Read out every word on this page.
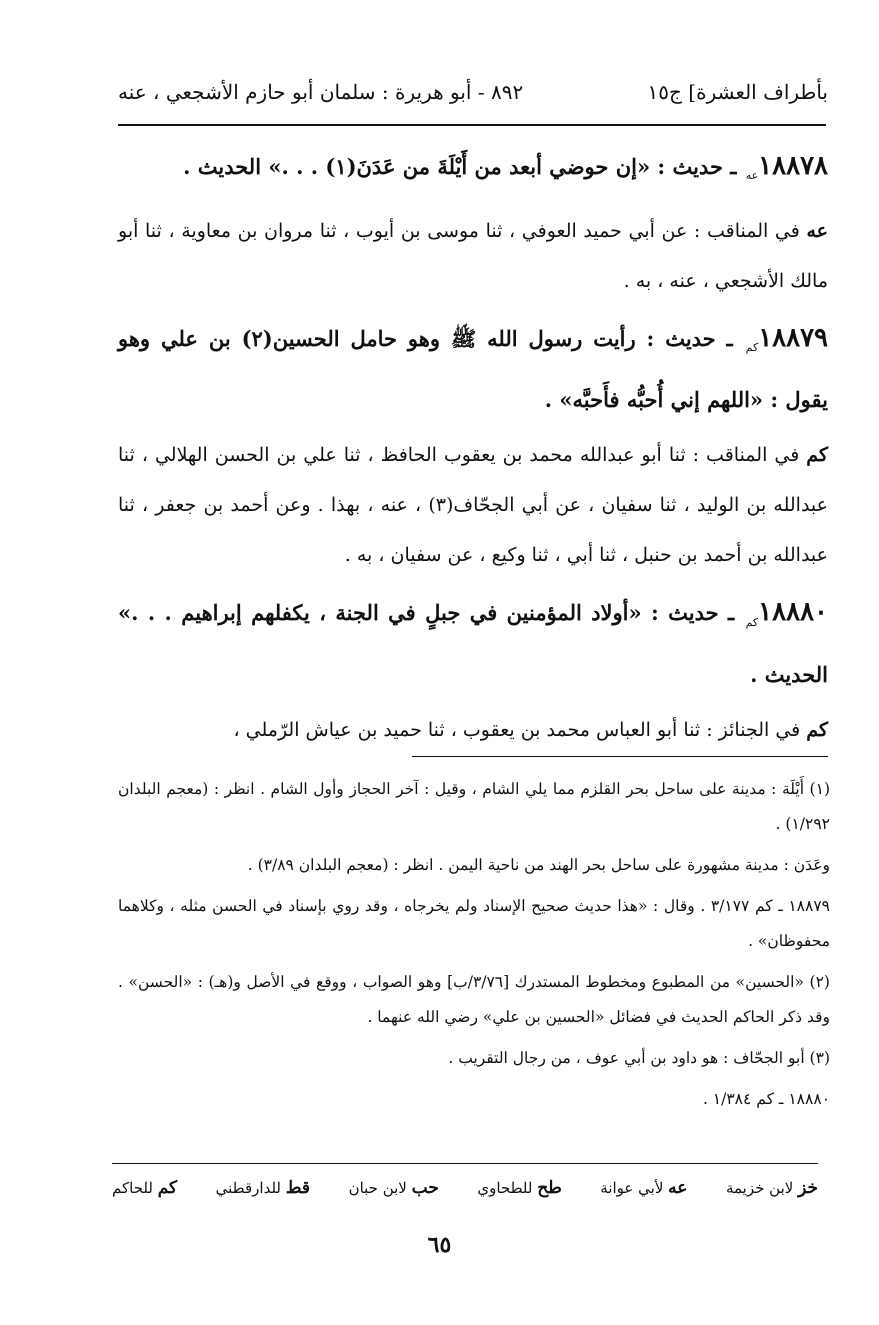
بأطراف العشرة] ج١٥
٨٩٢ - أبو هريرة : سلمان أبو حازم الأشجعي ، عنه
١٨٨٧٨عه ـ حديث : «إن حوضي أبعد من أَيْلَةَ من عَدَنَ(١) . . .» الحديث .
عه في المناقب : عن أبي حميد العوفي ، ثنا موسى بن أيوب ، ثنا مروان بن معاوية ، ثنا أبو مالك الأشجعي ، عنه ، به .
١٨٨٧٩كم ـ حديث : رأيت رسول الله ﷺ وهو حامل الحسين(٢) بن علي وهو يقول : «اللهم إني أُحبُّه فأَحبَّه» .
كم في المناقب : ثنا أبو عبدالله محمد بن يعقوب الحافظ ، ثنا علي بن الحسن الهلالي ، ثنا عبدالله بن الوليد ، ثنا سفيان ، عن أبي الجحّاف(٣) ، عنه ، بهذا . وعن أحمد بن جعفر ، ثنا عبدالله بن أحمد بن حنبل ، ثنا أبي ، ثنا وكيع ، عن سفيان ، به .
١٨٨٨٠كم ـ حديث : «أولاد المؤمنين في جبلٍ في الجنة ، يكفلهم إبراهيم . . .» الحديث .
كم في الجنائز : ثنا أبو العباس محمد بن يعقوب ، ثنا حميد بن عياش الرّملي ،

(١) أَيْلَة : مدينة على ساحل بحر القلزم مما يلي الشام ، وقيل : آخر الحجاز وأول الشام . انظر : (معجم البلدان ١/٢٩٢) .

وعَدَن : مدينة مشهورة على ساحل بحر الهند من ناحية اليمن . انظر : (معجم البلدان ٣/٨٩) .

١٨٨٧٩ ـ كم ٣/١٧٧ . وقال : «هذا حديث صحيح الإسناد ولم يخرجاه ، وقد روي بإسناد في الحسن مثله ، وكلاهما محفوظان» .

(٢) «الحسين» من المطبوع ومخطوط المستدرك [٣/٧٦/ب] وهو الصواب ، ووقع في الأصل و(هـ) : «الحسن» . وقد ذكر الحاكم الحديث في فضائل «الحسين بن علي» رضي الله عنهما .

(٣) أبو الجحّاف : هو داود بن أبي عوف ، من رجال التقريب .

١٨٨٨٠ ـ كم ١/٣٨٤ .

خز لابن خزيمة
عه لأبي عوانة
طح للطحاوي
حب لابن حبان
قط للدارقطني
كم للحاكم
٦٥
